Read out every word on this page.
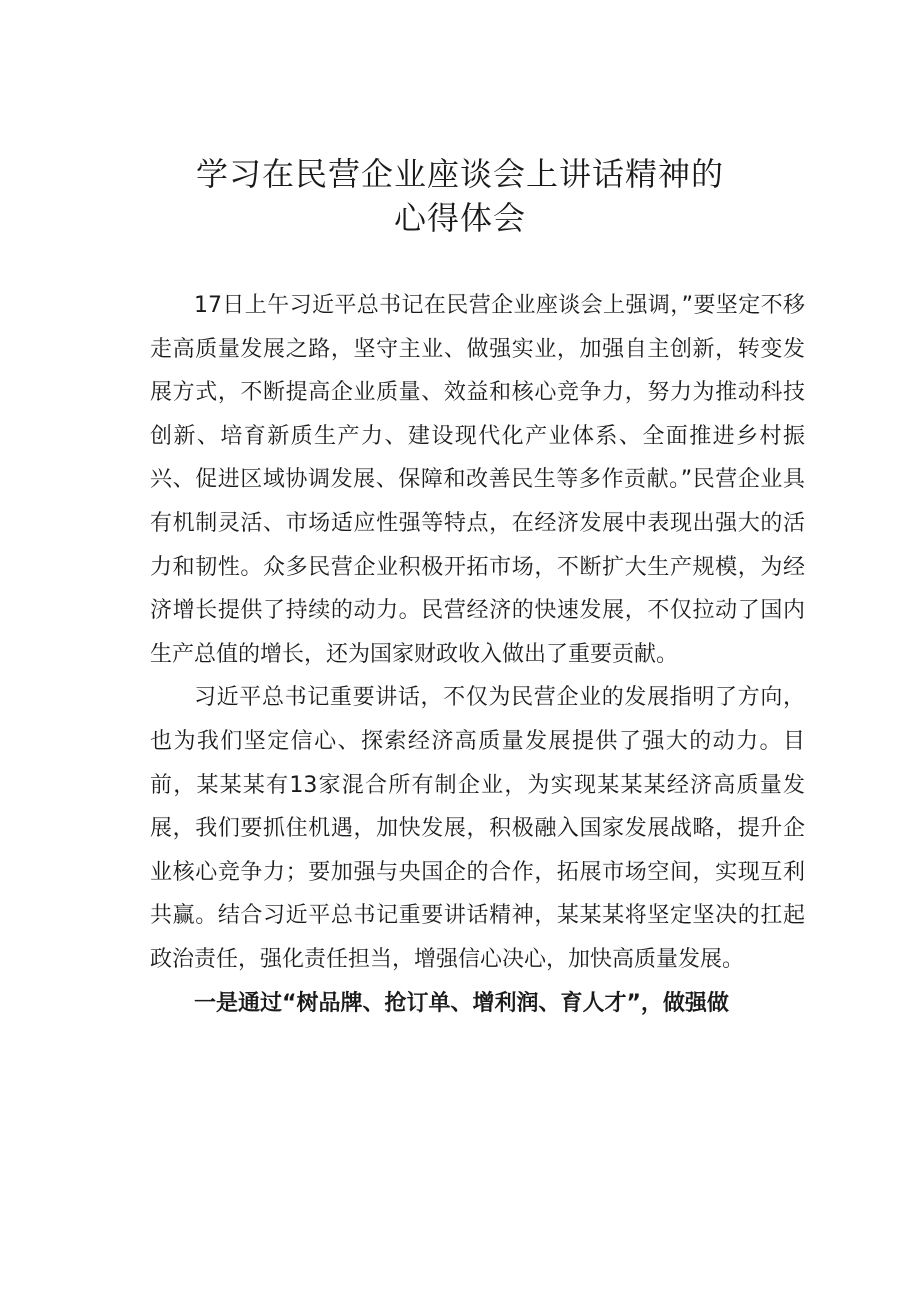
学习在民营企业座谈会上讲话精神的
心得体会

17日上午习近平总书记在民营企业座谈会上强调，”要坚定不移走高质量发展之路，坚守主业、做强实业，加强自主创新，转变发展方式，不断提高企业质量、效益和核心竞争力，努力为推动科技创新、培育新质生产力、建设现代化产业体系、全面推进乡村振兴、促进区域协调发展、保障和改善民生等多作贡献。”民营企业具有机制灵活、市场适应性强等特点，在经济发展中表现出强大的活力和韧性。众多民营企业积极开拓市场，不断扩大生产规模，为经济增长提供了持续的动力。民营经济的快速发展，不仅拉动了国内生产总值的增长，还为国家财政收入做出了重要贡献。

习近平总书记重要讲话，不仅为民营企业的发展指明了方向，也为我们坚定信心、探索经济高质量发展提供了强大的动力。目前，某某某有13家混合所有制企业，为实现某某某经济高质量发展，我们要抓住机遇，加快发展，积极融入国家发展战略，提升企业核心竞争力；要加强与央国企的合作，拓展市场空间，实现互利共赢。结合习近平总书记重要讲话精神，某某某将坚定坚决的扛起政治责任，强化责任担当，增强信心决心，加快高质量发展。

一是通过“树品牌、抢订单、增利润、育人才”，做强做
